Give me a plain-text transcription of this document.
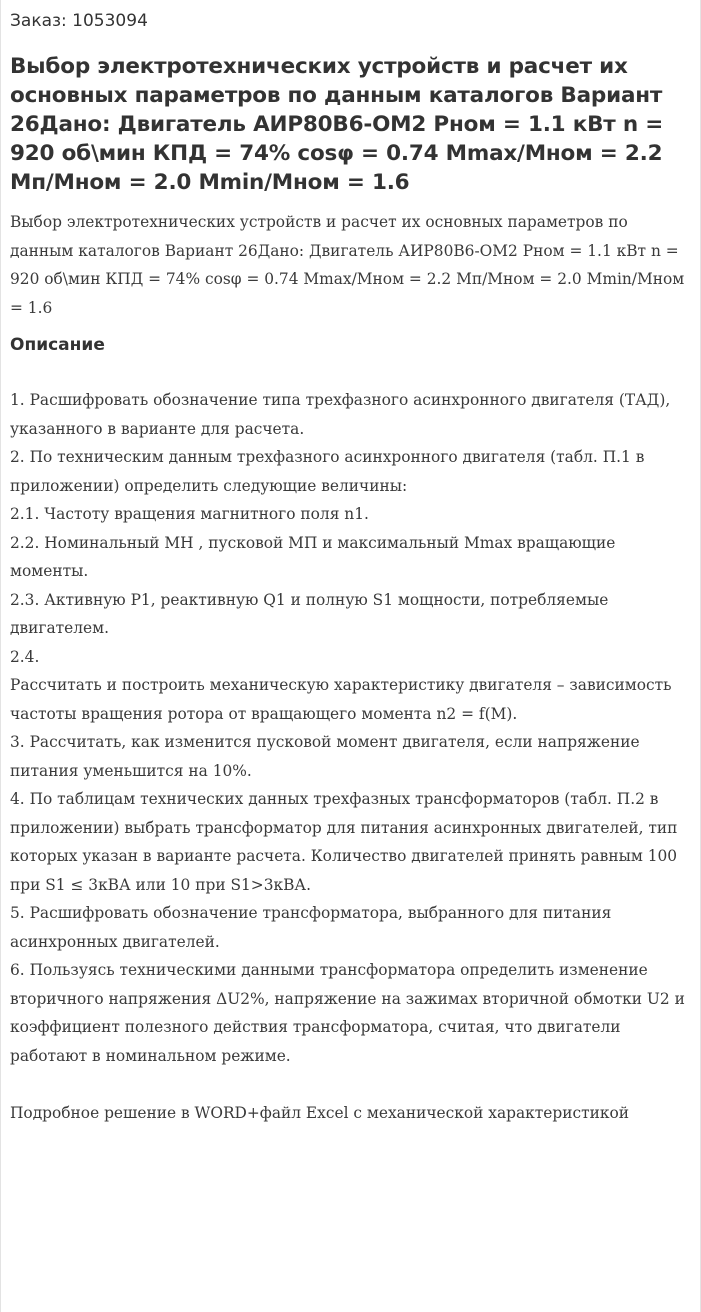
Заказ: 1053094
Выбор электротехнических устройств и расчет их основных параметров по данным каталогов Вариант 26Дано: Двигатель АИР80В6-ОМ2 Рном = 1.1 кВт n = 920 об\мин КПД = 74% cosφ = 0.74 Mmax/Mном = 2.2 Mп/Mном = 2.0 Mmin/Mном = 1.6
Выбор электротехнических устройств и расчет их основных параметров по данным каталогов Вариант 26Дано: Двигатель АИР80В6-ОМ2 Рном = 1.1 кВт n = 920 об\мин КПД = 74% cosφ = 0.74 Mmax/Mном = 2.2 Mп/Mном = 2.0 Mmin/Mном = 1.6
Описание
1. Расшифровать обозначение типа трехфазного асинхронного двигателя (ТАД), указанного в варианте для расчета.
2. По техническим данным трехфазного асинхронного двигателя (табл. П.1 в приложении) определить следующие величины:
2.1. Частоту вращения магнитного поля n1.
2.2. Номинальный MН , пусковой MП и максимальный Mmax вращающие моменты.
2.3. Активную P1, реактивную Q1 и полную S1 мощности, потребляемые двигателем.
2.4.
Рассчитать и построить механическую характеристику двигателя – зависимость частоты вращения ротора от вращающего момента n2 = f(M).
3. Рассчитать, как изменится пусковой момент двигателя, если напряжение питания уменьшится на 10%.
4. По таблицам технических данных трехфазных трансформаторов (табл. П.2 в приложении) выбрать трансформатор для питания асинхронных двигателей, тип которых указан в варианте расчета. Количество двигателей принять равным 100 при S1 ≤ 3кВА или 10 при S1>3кВА.
5. Расшифровать обозначение трансформатора, выбранного для питания асинхронных двигателей.
6. Пользуясь техническими данными трансформатора определить изменение вторичного напряжения ΔU2%, напряжение на зажимах вторичной обмотки U2 и коэффициент полезного действия трансформатора, считая, что двигатели работают в номинальном режиме.
Подробное решение в WORD+файл Excel с механической характеристикой
